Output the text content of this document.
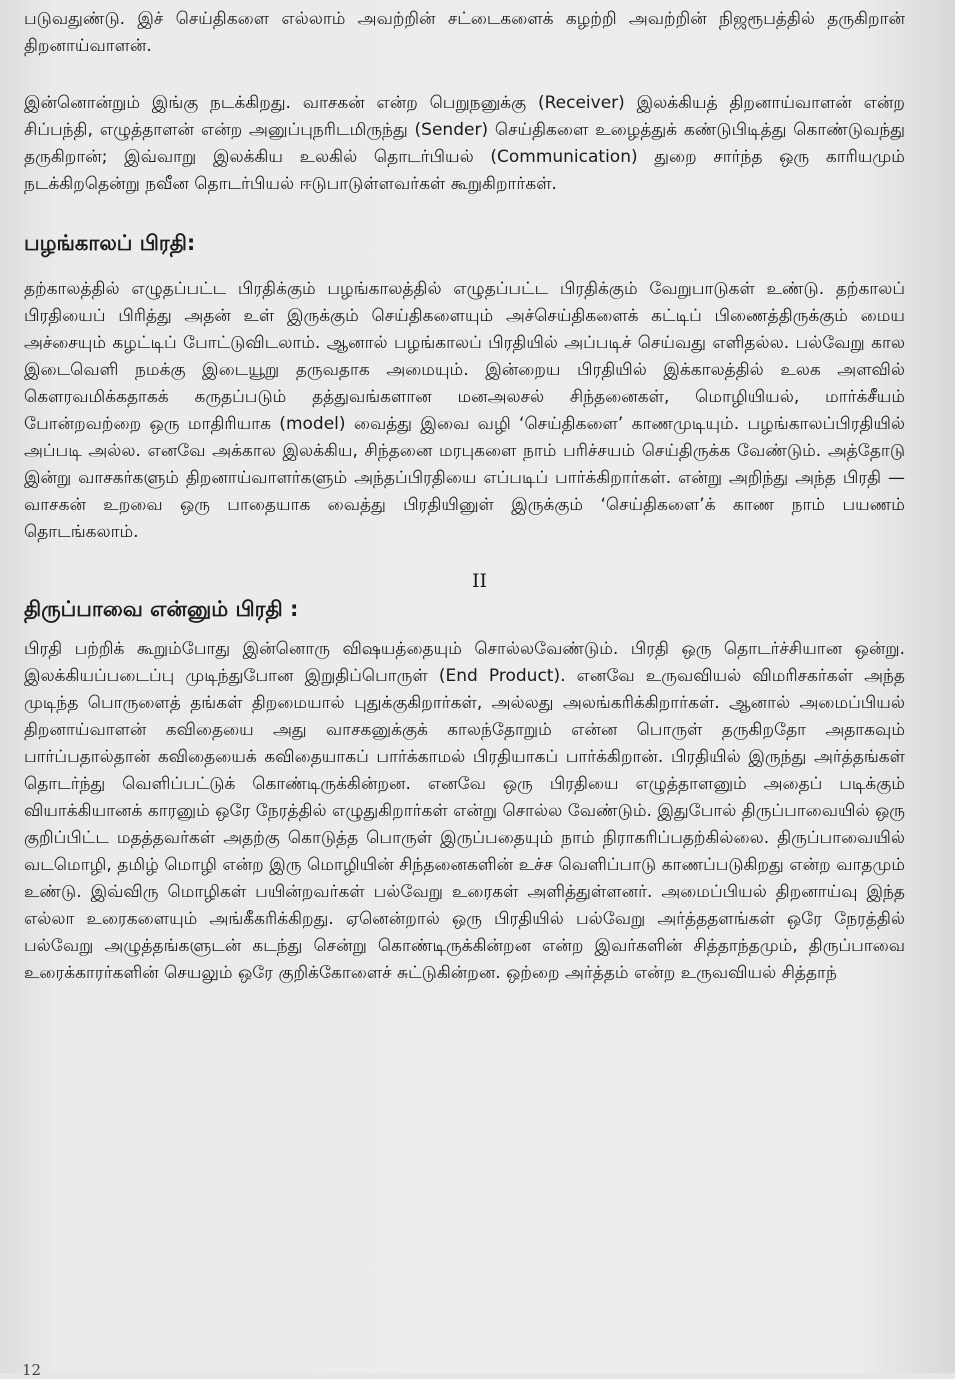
படுவதுண்டு. இச் செய்திகளை எல்லாம் அவற்றின் சட்டைகளைக் கழற்றி அவற்றின் நிஜரூபத்தில் தருகிறான் திறனாய்வாளன்.

இன்னொன்றும் இங்கு நடக்கிறது. வாசகன் என்ற பெறுநனுக்கு (Receiver) இலக்கியத் திறனாய்வாளன் என்ற சிப்பந்தி, எழுத்தாளன் என்ற அனுப்புநரிடமிருந்து (Sender) செய்திகளை உழைத்துக் கண்டுபிடித்து கொண்டுவந்து தருகிறான்; இவ்வாறு இலக்கிய உலகில் தொடர்பியல் (Communication) துறை சார்ந்த ஒரு காரியமும் நடக்கிறதென்று நவீன தொடர்பியல் ஈடுபாடுள்ளவர்கள் கூறுகிறார்கள்.

பழங்காலப் பிரதி:

தற்காலத்தில் எழுதப்பட்ட பிரதிக்கும் பழங்காலத்தில் எழுதப்பட்ட பிரதிக்கும் வேறுபாடுகள் உண்டு. தற்காலப் பிரதியைப் பிரித்து அதன் உள் இருக்கும் செய்திகளையும் அச்செய்திகளைக் கட்டிப் பிணைத்திருக்கும் மைய அச்சையும் கழட்டிப் போட்டுவிடலாம். ஆனால் பழங்காலப் பிரதியில் அப்படிச் செய்வது எளிதல்ல. பல்வேறு கால இடைவெளி நமக்கு இடையூறு தருவதாக அமையும். இன்றைய பிரதியில் இக்காலத்தில் உலக அளவில் கௌரவமிக்கதாகக் கருதப்படும் தத்துவங்களான மனஅலசல் சிந்தனைகள், மொழியியல், மார்க்சீயம் போன்றவற்றை ஒரு மாதிரியாக (model) வைத்து இவை வழி ‘செய்திகளை’ காணமுடியும். பழங்காலப்பிரதியில் அப்படி அல்ல. எனவே அக்கால இலக்கிய, சிந்தனை மரபுகளை நாம் பரிச்சயம் செய்திருக்க வேண்டும். அத்தோடு இன்று வாசகர்களும் திறனாய்வாளர்களும் அந்தப்பிரதியை எப்படிப் பார்க்கிறார்கள். என்று அறிந்து அந்த பிரதி — வாசகன் உறவை ஒரு பாதையாக வைத்து பிரதியினுள் இருக்கும் ‘செய்திகளை’க் காண நாம் பயணம் தொடங்கலாம்.

II
திருப்பாவை என்னும் பிரதி :

பிரதி பற்றிக் கூறும்போது இன்னொரு விஷயத்தையும் சொல்லவேண்டும். பிரதி ஒரு தொடர்ச்சியான ஒன்று. இலக்கியப்படைப்பு முடிந்துபோன இறுதிப்பொருள் (End Product). எனவே உருவவியல் விமரிசகர்கள் அந்த முடிந்த பொருளைத் தங்கள் திறமையால் புதுக்குகிறார்கள், அல்லது அலங்கரிக்கிறார்கள். ஆனால் அமைப்பியல் திறனாய்வாளன் கவிதையை அது வாசகனுக்குக் காலந்தோறும் என்ன பொருள் தருகிறதோ அதாகவும் பார்ப்பதால்தான் கவிதையைக் கவிதையாகப் பார்க்காமல் பிரதியாகப் பார்க்கிறான். பிரதியில் இருந்து அர்த்தங்கள் தொடர்ந்து வெளிப்பட்டுக் கொண்டிருக்கின்றன. எனவே ஒரு பிரதியை எழுத்தாளனும் அதைப் படிக்கும் வியாக்கியானக் காரனும் ஒரே நேரத்தில் எழுதுகிறார்கள் என்று சொல்ல வேண்டும். இதுபோல் திருப்பாவையில் ஒரு குறிப்பிட்ட மதத்தவர்கள் அதற்கு கொடுத்த பொருள் இருப்பதையும் நாம் நிராகரிப்பதற்கில்லை. திருப்பாவையில் வடமொழி, தமிழ் மொழி என்ற இரு மொழியின் சிந்தனைகளின் உச்ச வெளிப்பாடு காணப்படுகிறது என்ற வாதமும் உண்டு. இவ்விரு மொழிகள் பயின்றவர்கள் பல்வேறு உரைகள் அளித்துள்ளனர். அமைப்பியல் திறனாய்வு இந்த எல்லா உரைகளையும் அங்கீகரிக்கிறது. ஏனென்றால் ஒரு பிரதியில் பல்வேறு அர்த்ததளங்கள் ஒரே நேரத்தில் பல்வேறு அழுத்தங்களுடன் கடந்து சென்று கொண்டிருக்கின்றன என்ற இவர்களின் சித்தாந்தமும், திருப்பாவை உரைக்காரர்களின் செயலும் ஒரே குறிக்கோளைச் சுட்டுகின்றன. ஒற்றை அர்த்தம் என்ற உருவவியல் சித்தாந்

12
